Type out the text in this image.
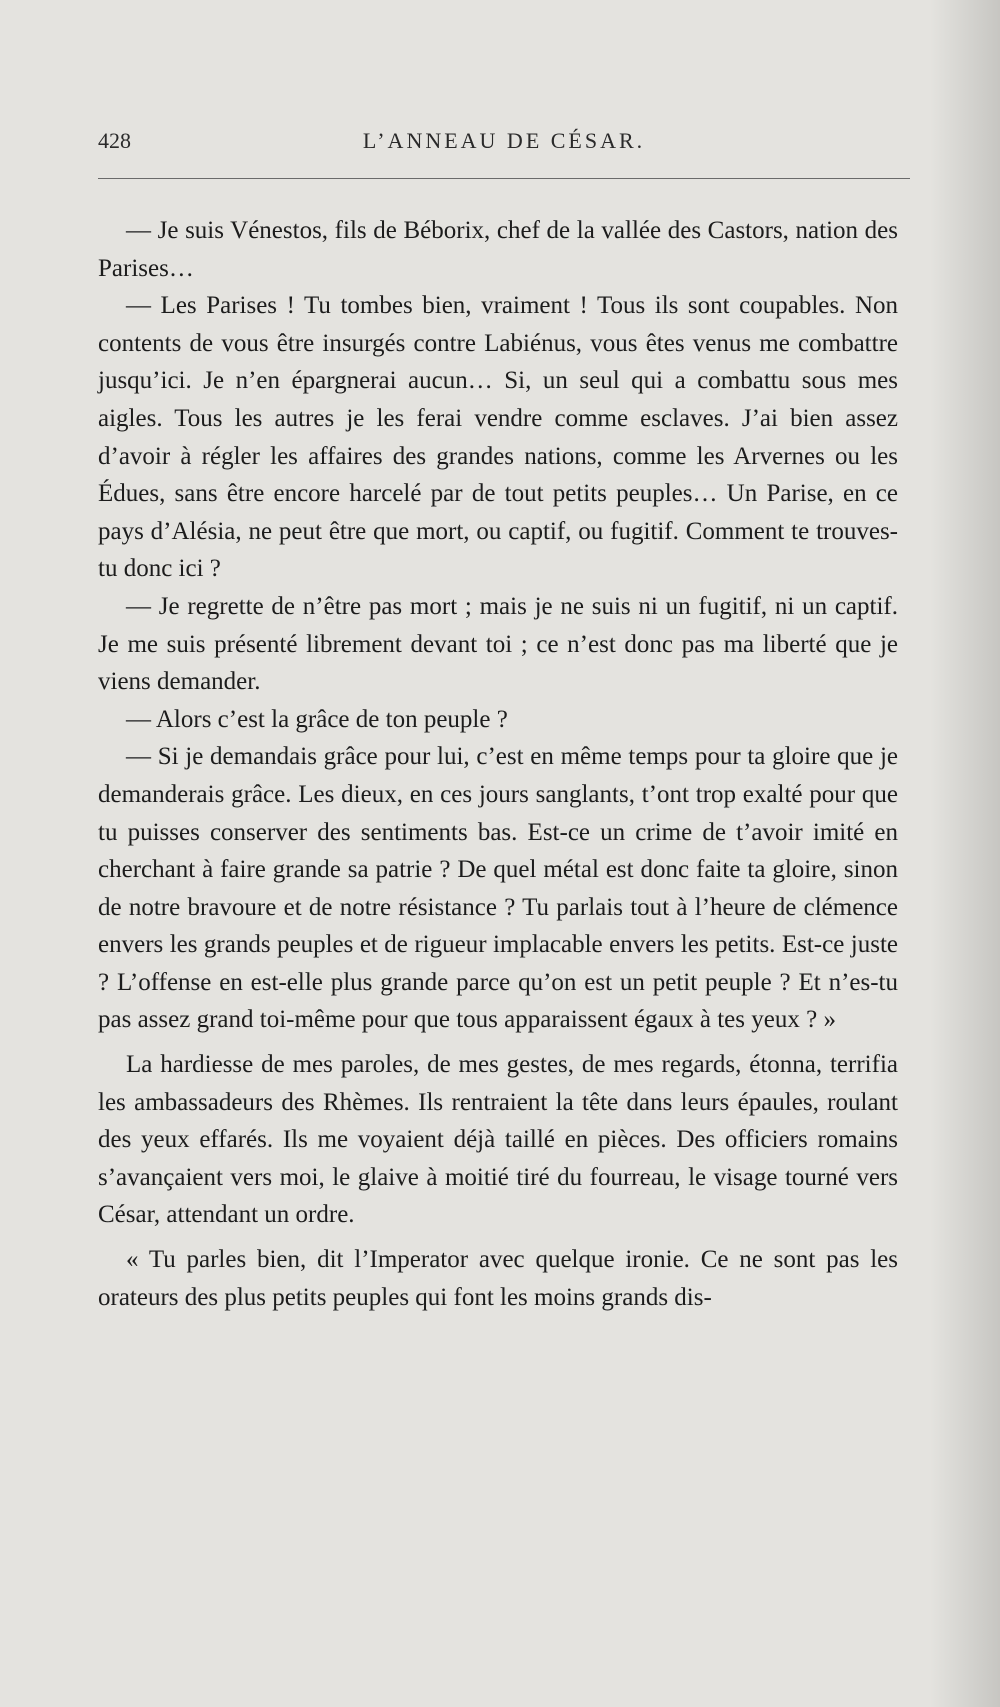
428	L’ANNEAU DE CÉSAR.

— Je suis Vénestos, fils de Béborix, chef de la vallée des Castors, nation des Parises…

— Les Parises ! Tu tombes bien, vraiment ! Tous ils sont coupables. Non contents de vous être insurgés contre Labiénus, vous êtes venus me combattre jusqu’ici. Je n’en épargnerai aucun… Si, un seul qui a combattu sous mes aigles. Tous les autres je les ferai vendre comme esclaves. J’ai bien assez d’avoir à régler les affaires des grandes nations, comme les Arvernes ou les Édues, sans être encore harcelé par de tout petits peuples… Un Parise, en ce pays d’Alésia, ne peut être que mort, ou captif, ou fugitif. Comment te trouves-tu donc ici ?

— Je regrette de n’être pas mort ; mais je ne suis ni un fugitif, ni un captif. Je me suis présenté librement devant toi ; ce n’est donc pas ma liberté que je viens demander.

— Alors c’est la grâce de ton peuple ?

— Si je demandais grâce pour lui, c’est en même temps pour ta gloire que je demanderais grâce. Les dieux, en ces jours sanglants, t’ont trop exalté pour que tu puisses conserver des sentiments bas. Est-ce un crime de t’avoir imité en cherchant à faire grande sa patrie ? De quel métal est donc faite ta gloire, sinon de notre bravoure et de notre résistance ? Tu parlais tout à l’heure de clémence envers les grands peuples et de rigueur implacable envers les petits. Est-ce juste ? L’offense en est-elle plus grande parce qu’on est un petit peuple ? Et n’es-tu pas assez grand toi-même pour que tous apparaissent égaux à tes yeux ? »

La hardiesse de mes paroles, de mes gestes, de mes regards, étonna, terrifia les ambassadeurs des Rhèmes. Ils rentraient la tête dans leurs épaules, roulant des yeux effarés. Ils me voyaient déjà taillé en pièces. Des officiers romains s’avançaient vers moi, le glaive à moitié tiré du fourreau, le visage tourné vers César, attendant un ordre.

« Tu parles bien, dit l’Imperator avec quelque ironie. Ce ne sont pas les orateurs des plus petits peuples qui font les moins grands dis-
